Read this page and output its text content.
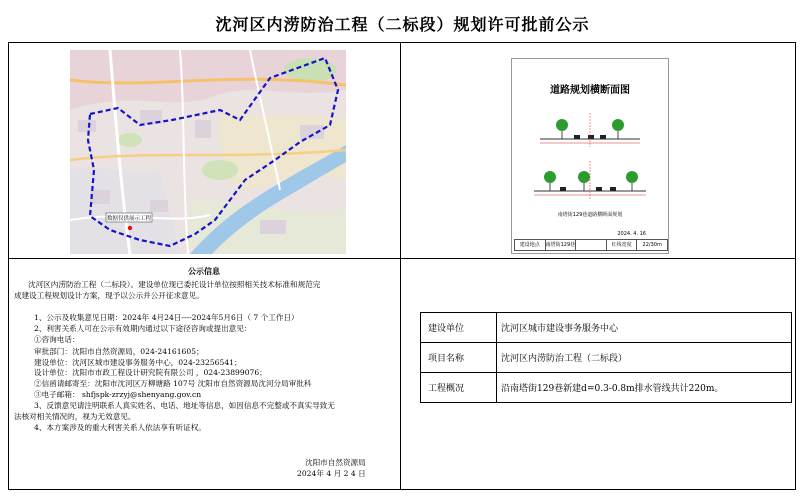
沈河区内涝防治工程（二标段）规划许可批前公示
数据仅供展示工程
道路规划横断面图
南塔街129巷道路横断面规划
2024. 4. 16
建设地点	南塔街129巷	红线宽度	22/30m
公示信息
沈河区内涝防治工程（二标段）。建设单位现已委托设计单位按照相关技术标准和规范完
成建设工程规划设计方案，现予以公示并公开征求意见。
1、公示及收集意见日期：2024年 4月24日----2024年5月6日（ 7 个工作日）
2、利害关系人可在公示有效期内通过以下途径咨询或提出意见：
①咨询电话：
审批部门：沈阳市自然资源局，024-24161605；
建设单位：沈河区城市建设事务服务中心，024-23256541；
设计单位：沈阳市市政工程设计研究院有限公司 ，024-23899076；
②信函请邮寄至：沈阳市沈河区万柳塘路 107号 沈阳市自然资源局沈河分局审批科
③电子邮箱： shfjspk-zrzyj@shenyang.gov.cn
3、反馈意见请注明联系人真实姓名、电话、地址等信息，如因信息不完整或不真实导致无
法核对相关情况的，视为无效意见。
4、本方案涉及的重大利害关系人依法享有听证权。
沈阳市自然资源局
2024年 4 月 2 4 日
建设单位	沈河区城市建设事务服务中心
项目名称	沈河区内涝防治工程（二标段）
工程概况	沿南塔街129巷新建d=0.3-0.8m排水管线共计220m。
